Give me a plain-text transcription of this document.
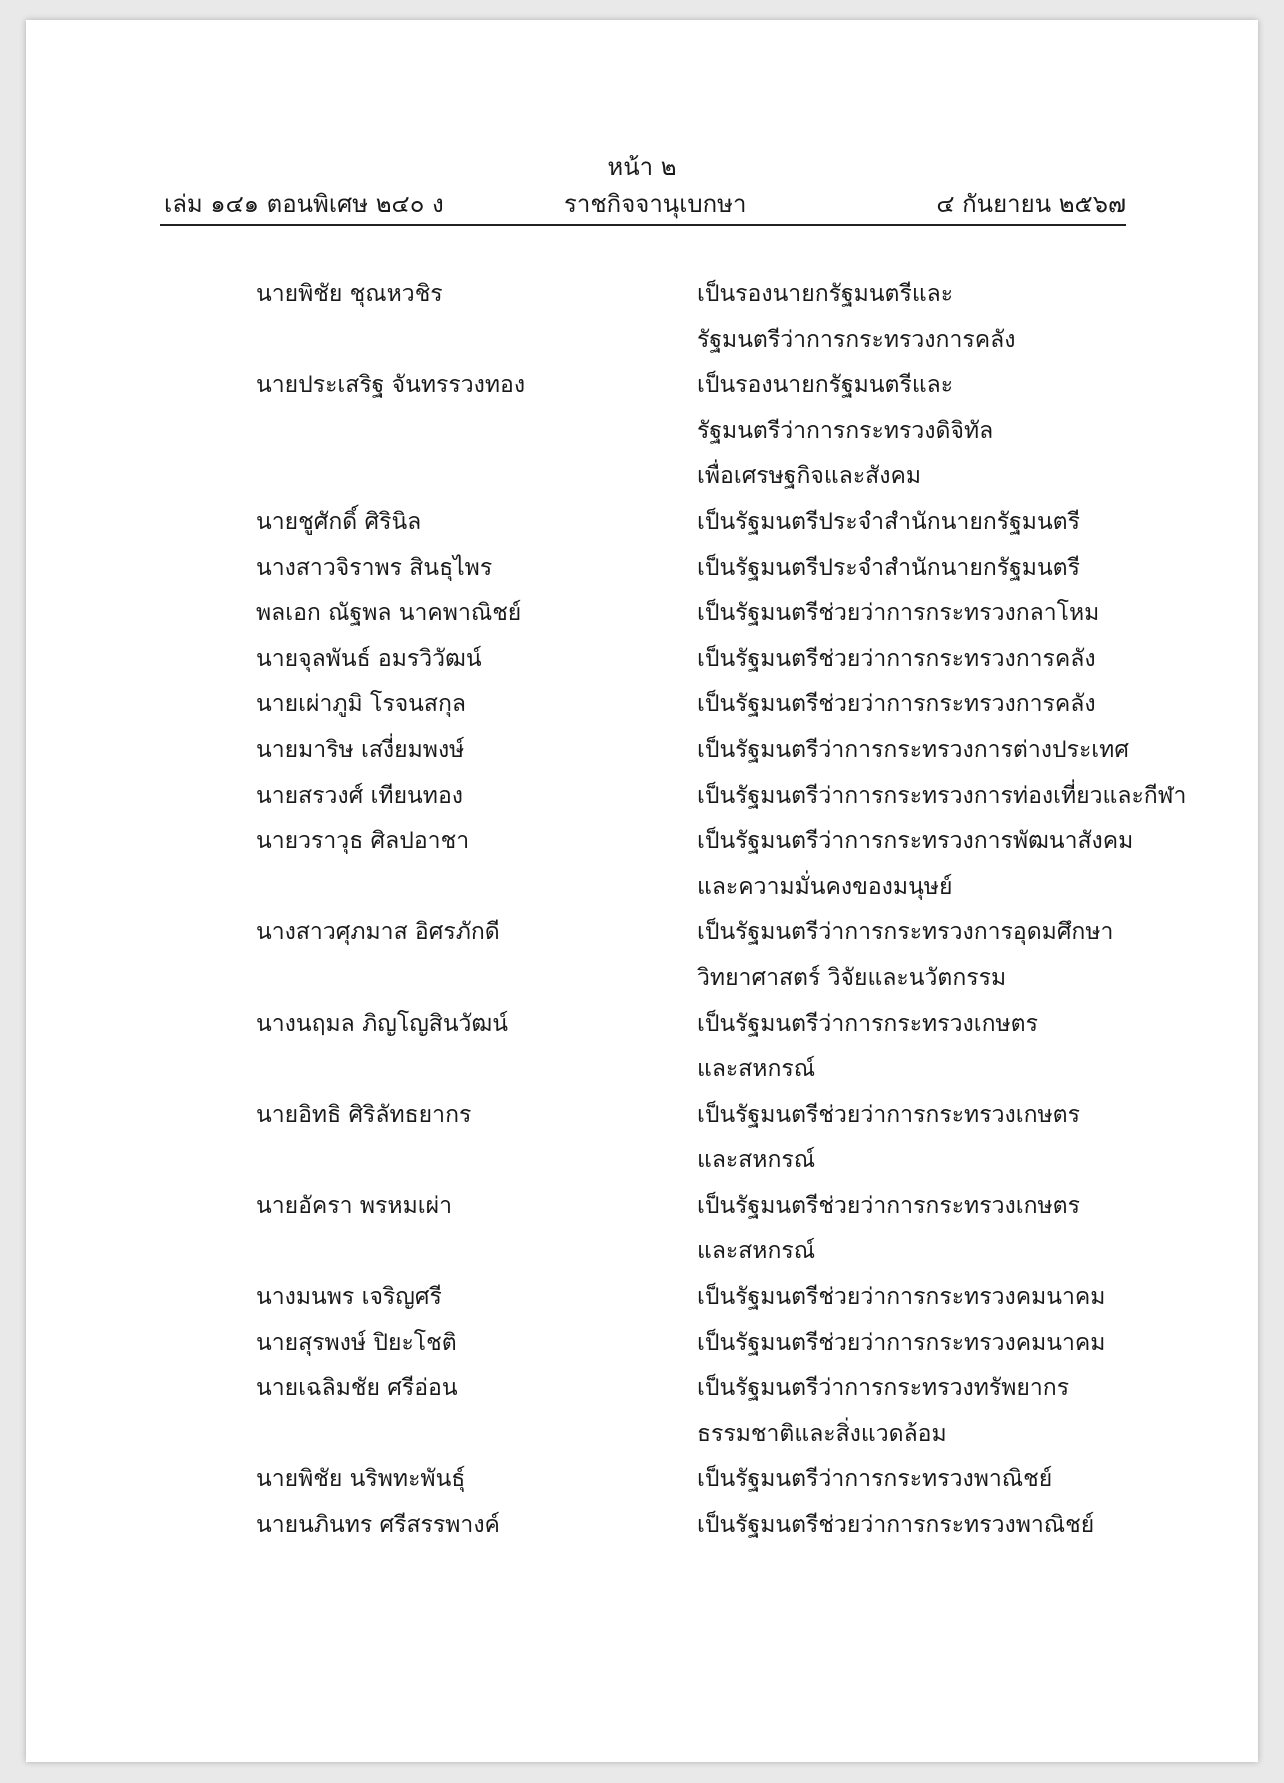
หน้า ๒
เล่ม ๑๔๑ ตอนพิเศษ ๒๔๐ ง	ราชกิจจานุเบกษา	๔ กันยายน ๒๕๖๗
นายพิชัย ชุณหวชิร	เป็นรองนายกรัฐมนตรีและ
รัฐมนตรีว่าการกระทรวงการคลัง
นายประเสริฐ จันทรรวงทอง	เป็นรองนายกรัฐมนตรีและ
รัฐมนตรีว่าการกระทรวงดิจิทัล
เพื่อเศรษฐกิจและสังคม
นายชูศักดิ์ ศิรินิล	เป็นรัฐมนตรีประจำสำนักนายกรัฐมนตรี
นางสาวจิราพร สินธุไพร	เป็นรัฐมนตรีประจำสำนักนายกรัฐมนตรี
พลเอก ณัฐพล นาคพาณิชย์	เป็นรัฐมนตรีช่วยว่าการกระทรวงกลาโหม
นายจุลพันธ์ อมรวิวัฒน์	เป็นรัฐมนตรีช่วยว่าการกระทรวงการคลัง
นายเผ่าภูมิ โรจนสกุล	เป็นรัฐมนตรีช่วยว่าการกระทรวงการคลัง
นายมาริษ เสงี่ยมพงษ์	เป็นรัฐมนตรีว่าการกระทรวงการต่างประเทศ
นายสรวงศ์ เทียนทอง	เป็นรัฐมนตรีว่าการกระทรวงการท่องเที่ยวและกีฬา
นายวราวุธ ศิลปอาชา	เป็นรัฐมนตรีว่าการกระทรวงการพัฒนาสังคม
และความมั่นคงของมนุษย์
นางสาวศุภมาส อิศรภักดี	เป็นรัฐมนตรีว่าการกระทรวงการอุดมศึกษา
วิทยาศาสตร์ วิจัยและนวัตกรรม
นางนฤมล ภิญโญสินวัฒน์	เป็นรัฐมนตรีว่าการกระทรวงเกษตร
และสหกรณ์
นายอิทธิ ศิริลัทธยากร	เป็นรัฐมนตรีช่วยว่าการกระทรวงเกษตร
และสหกรณ์
นายอัครา พรหมเผ่า	เป็นรัฐมนตรีช่วยว่าการกระทรวงเกษตร
และสหกรณ์
นางมนพร เจริญศรี	เป็นรัฐมนตรีช่วยว่าการกระทรวงคมนาคม
นายสุรพงษ์ ปิยะโชติ	เป็นรัฐมนตรีช่วยว่าการกระทรวงคมนาคม
นายเฉลิมชัย ศรีอ่อน	เป็นรัฐมนตรีว่าการกระทรวงทรัพยากร
ธรรมชาติและสิ่งแวดล้อม
นายพิชัย นริพทะพันธุ์	เป็นรัฐมนตรีว่าการกระทรวงพาณิชย์
นายนภินทร ศรีสรรพางค์	เป็นรัฐมนตรีช่วยว่าการกระทรวงพาณิชย์
